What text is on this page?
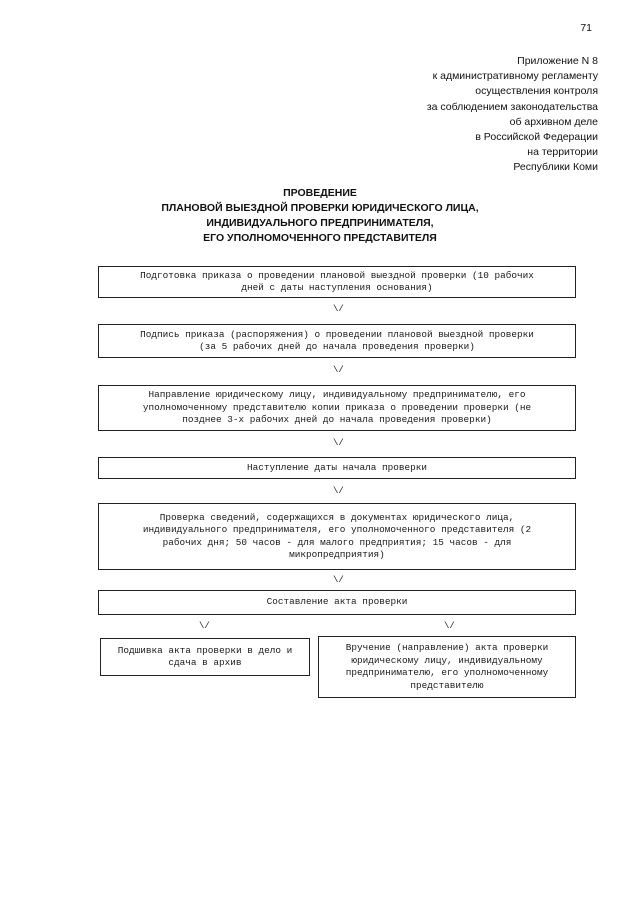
71
Приложение N 8
к административному регламенту
осуществления контроля
за соблюдением законодательства
об архивном деле
в Российской Федерации
на территории
Республики Коми
ПРОВЕДЕНИЕ
ПЛАНОВОЙ ВЫЕЗДНОЙ ПРОВЕРКИ ЮРИДИЧЕСКОГО ЛИЦА,
ИНДИВИДУАЛЬНОГО ПРЕДПРИНИМАТЕЛЯ,
ЕГО УПОЛНОМОЧЕННОГО ПРЕДСТАВИТЕЛЯ
Подготовка приказа о проведении плановой выездной проверки (10 рабочих
дней с даты наступления основания)
\/
Подпись приказа (распоряжения) о проведении плановой выездной проверки
(за 5 рабочих дней до начала проведения проверки)
\/
Направление юридическому лицу, индивидуальному предпринимателю, его
уполномоченному представителю копии приказа о проведении проверки (не
позднее 3-х рабочих дней до начала проведения проверки)
\/
Наступление даты начала проверки
\/
Проверка сведений, содержащихся в документах юридического лица,
индивидуального предпринимателя, его уполномоченного представителя (2
рабочих дня; 50 часов - для малого предприятия; 15 часов - для
микропредприятия)
\/
Составление акта проверки
\/	\/
Подшивка акта проверки в дело и
сдача в архив
Вручение (направление) акта проверки
юридическому лицу, индивидуальному
предпринимателю, его уполномоченному
представителю
